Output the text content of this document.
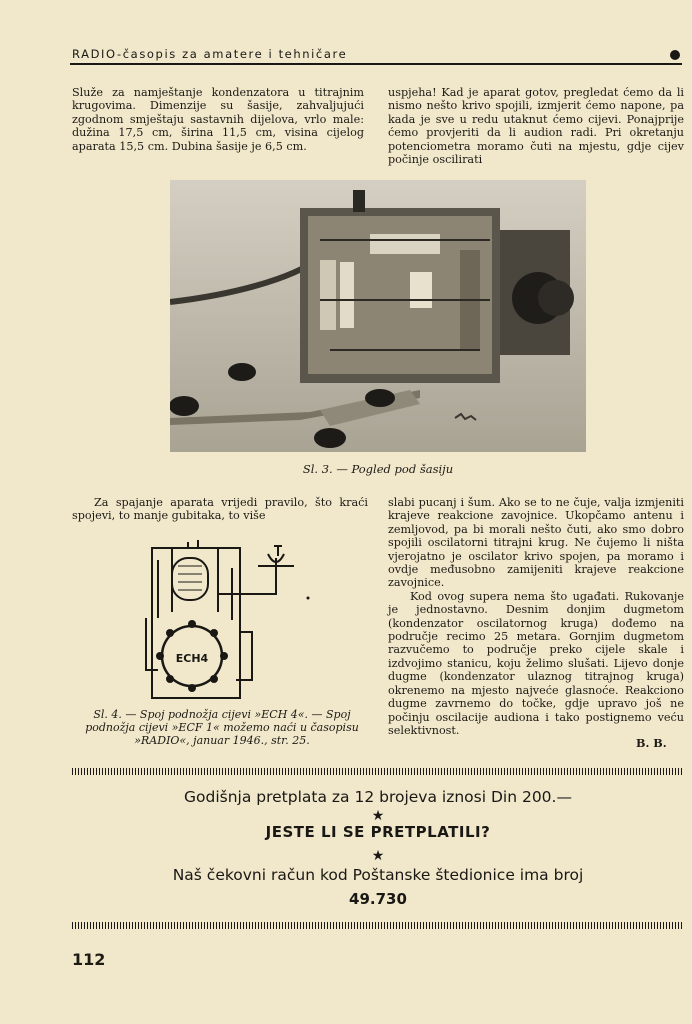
RADIO-časopis za amatere i tehničare

Služe za namještanje kondenzatora u titrajnim krugovima. Dimenzije su šasije, zahvaljujući zgodnom smještaju sastavnih dijelova, vrlo male: dužina 17,5 cm, širina 11,5 cm, visina cijelog aparata 15,5 cm. Dubina šasije je 6,5 cm.

uspjeha! Kad je aparat gotov, pregledat ćemo da li nismo nešto krivo spojili, izmjerit ćemo napone, pa kada je sve u redu utaknut ćemo cijevi. Ponajprije ćemo provjeriti da li audion radi. Pri okretanju potenciometra moramo čuti na mjestu, gdje cijev počinje oscilirati

Sl. 3. — Pogled pod šasiju

Za spajanje aparata vrijedi pravilo, što kraći spojevi, to manje gubitaka, to više

ECH4
Sl. 4. — Spoj podnožja cijevi »ECH 4«. — Spoj podnožja cijevi »ECF 1« možemo naći u časopisu »RADIO«, januar 1946., str. 25.

slabi pucanj i šum. Ako se to ne čuje, valja izmjeniti krajeve reakcione zavojnice. Ukopčamo antenu i zemljovod, pa bi morali nešto čuti, ako smo dobro spojili oscilatorni titrajni krug. Ne čujemo li ništa vjerojatno je oscilator krivo spojen, pa moramo i ovdje međusobno zamijeniti krajeve reakcione zavojnice.

Kod ovog supera nema što ugađati. Rukovanje je jednostavno. Desnim donjim dugmetom (kondenzator oscilatornog kruga) dođemo na područje recimo 25 metara. Gornjim dugmetom razvučemo to područje preko cijele skale i izdvojimo stanicu, koju želimo slušati. Lijevo donje dugme (kondenzator ulaznog titrajnog kruga) okrenemo na mjesto najveće glasnoće. Reakciono dugme zavrnemo do točke, gdje upravo još ne počinju oscilacije audiona i tako postignemo veću selektivnost.

B. B.
Godišnja pretplata za 12 brojeva iznosi Din 200.—
★
JESTE LI SE PRETPLATILI?
★
Naš čekovni račun kod Poštanske štedionice ima broj
49.730
112
